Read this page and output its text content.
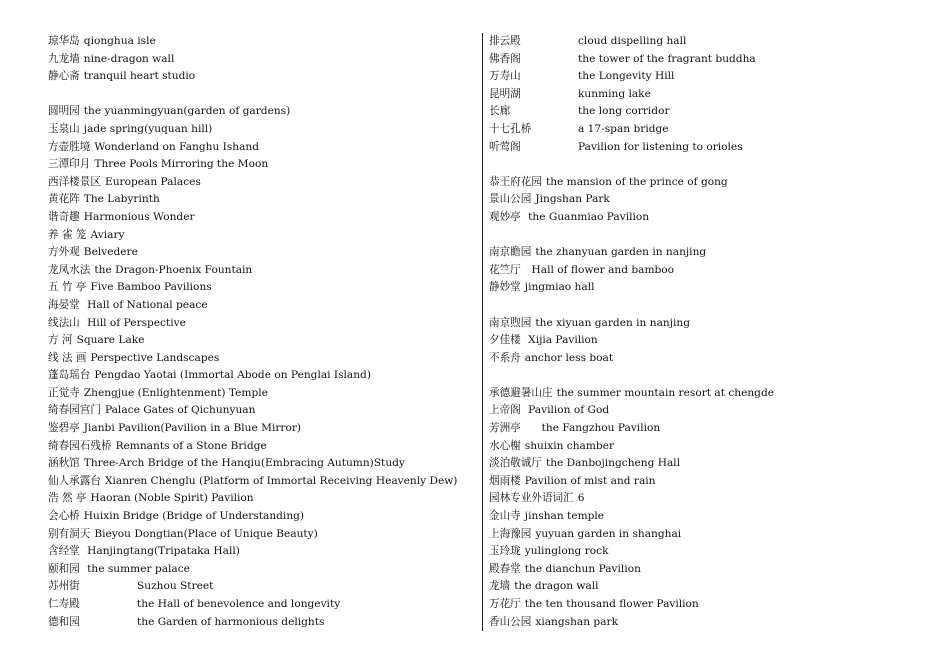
琼华岛 qionghua isle
九龙墙 nine-dragon wall
静心斋 tranquil heart studio
圆明园 the yuanmingyuan(garden of gardens)
玉泉山 jade spring(yuquan hill)
方壶胜境 Wonderland on Fanghu Ishand
三潭印月 Three Pools Mirroring the Moon
西洋楼景区 European Palaces
黄花阵 The Labyrinth
谐奇趣 Harmonious Wonder
养 雀 笼 Aviary
方外观 Belvedere
龙凤水法 the Dragon-Phoenix Fountain
五 竹 亭 Five Bamboo Pavilions
海晏堂 Hall of National peace
线法山 Hill of Perspective
方 河 Square Lake
线 法 画 Perspective Landscapes
蓬岛瑶台 Pengdao Yaotai (Immortal Abode on Penglai Island)
正觉寺 Zhengjue (Enlightenment) Temple
绮春园宫门 Palace Gates of Qichunyuan
鉴碧亭 Jianbi Pavilion(Pavilion in a Blue Mirror)
绮春园石残桥 Remnants of a Stone Bridge
涵秋馆 Three-Arch Bridge of the Hanqiu(Embracing Autumn)Study
仙人承露台 Xianren Chenglu (Platform of Immortal Receiving Heavenly Dew)
浩 然 亭 Haoran (Noble Spirit) Pavilion
会心桥 Huixin Bridge (Bridge of Understanding)
别有洞天 Bieyou Dongtian(Place of Unique Beauty)
含经堂 Hanjingtang(Tripataka Hall)
颐和园 the summer palace
苏州街	Suzhou Street
仁寿殿	the Hall of benevolence and longevity
德和园	the Garden of harmonious delights
排云殿	cloud dispelling hall
佛香阁	the tower of the fragrant buddha
万寿山	the Longevity Hill
昆明湖	kunming lake
长廊	the long corridor
十七孔桥	a 17-span bridge
听莺阁	Pavilion for listening to orioles
恭王府花园 the mansion of the prince of gong
景山公园 Jingshan Park
观妙亭 the Guanmiao Pavilion
南京瞻园 the zhanyuan garden in nanjing
花竺厅  Hall of flower and bamboo
静妙堂 jingmiao hall
南京煦园 the xiyuan garden in nanjing
夕佳楼 Xijia Pavilion
不系舟 anchor less boat
承德避暑山庄 the summer mountain resort at chengde
上帝阁 Pavilion of God
芳洲亭     the Fangzhou Pavilion
水心榭 shuixin chamber
淡泊敬诚厅 the Danbojingcheng Hall
烟雨楼 Pavilion of mist and rain
园林专业外语词汇 6
金山寺 jinshan temple
上海豫园 yuyuan garden in shanghai
玉玲珑 yulinglong rock
殿春堂 the dianchun Pavilion
龙墙 the dragon wall
万花厅 the ten thousand flower Pavilion
香山公园 xiangshan park
